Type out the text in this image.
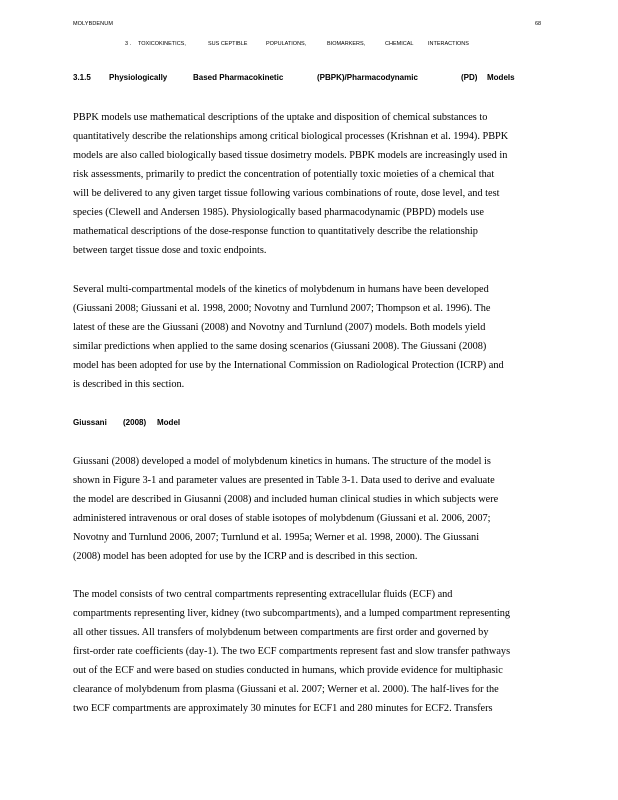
MOLYBDENUM	68
3 . TOXICOKINETICS,	SUS CEPTIBLE	POPULATIONS,	BIOMARKERS,	CHEMICAL	INTERACTIONS
3.1.5 Physiologically	Based Pharmacokinetic	(PBPK)/Pharmacodynamic	(PD) Models
PBPK models use mathematical descriptions of the uptake and disposition of chemical substances to
quantitatively describe the relationships among critical biological processes (Krishnan et al. 1994). PBPK
models are also called biologically based tissue dosimetry models. PBPK models are increasingly used in
risk assessments, primarily to predict the concentration of potentially toxic moieties of a chemical that
will be delivered to any given target tissue following various combinations of route, dose level, and test
species (Clewell and Andersen 1985). Physiologically based pharmacodynamic (PBPD) models use
mathematical descriptions of the dose-response function to quantitatively describe the relationship
between target tissue dose and toxic endpoints.
Several multi-compartmental models of the kinetics of molybdenum in humans have been developed
(Giussani 2008; Giussani et al. 1998, 2000; Novotny and Turnlund 2007; Thompson et al. 1996). The
latest of these are the Giussani (2008) and Novotny and Turnlund (2007) models. Both models yield
similar predictions when applied to the same dosing scenarios (Giussani 2008). The Giussani (2008)
model has been adopted for use by the International Commission on Radiological Protection (ICRP) and
is described in this section.
Giussani (2008) Model
Giussani (2008) developed a model of molybdenum kinetics in humans. The structure of the model is
shown in Figure 3-1 and parameter values are presented in Table 3-1. Data used to derive and evaluate
the model are described in Giusanni (2008) and included human clinical studies in which subjects were
administered intravenous or oral doses of stable isotopes of molybdenum (Giussani et al. 2006, 2007;
Novotny and Turnlund 2006, 2007; Turnlund et al. 1995a; Werner et al. 1998, 2000). The Giussani
(2008) model has been adopted for use by the ICRP and is described in this section.
The model consists of two central compartments representing extracellular fluids (ECF) and
compartments representing liver, kidney (two subcompartments), and a lumped compartment representing
all other tissues. All transfers of molybdenum between compartments are first order and governed by
first-order rate coefficients (day-1). The two ECF compartments represent fast and slow transfer pathways
out of the ECF and were based on studies conducted in humans, which provide evidence for multiphasic
clearance of molybdenum from plasma (Giussani et al. 2007; Werner et al. 2000). The half-lives for the
two ECF compartments are approximately 30 minutes for ECF1 and 280 minutes for ECF2. Transfers
